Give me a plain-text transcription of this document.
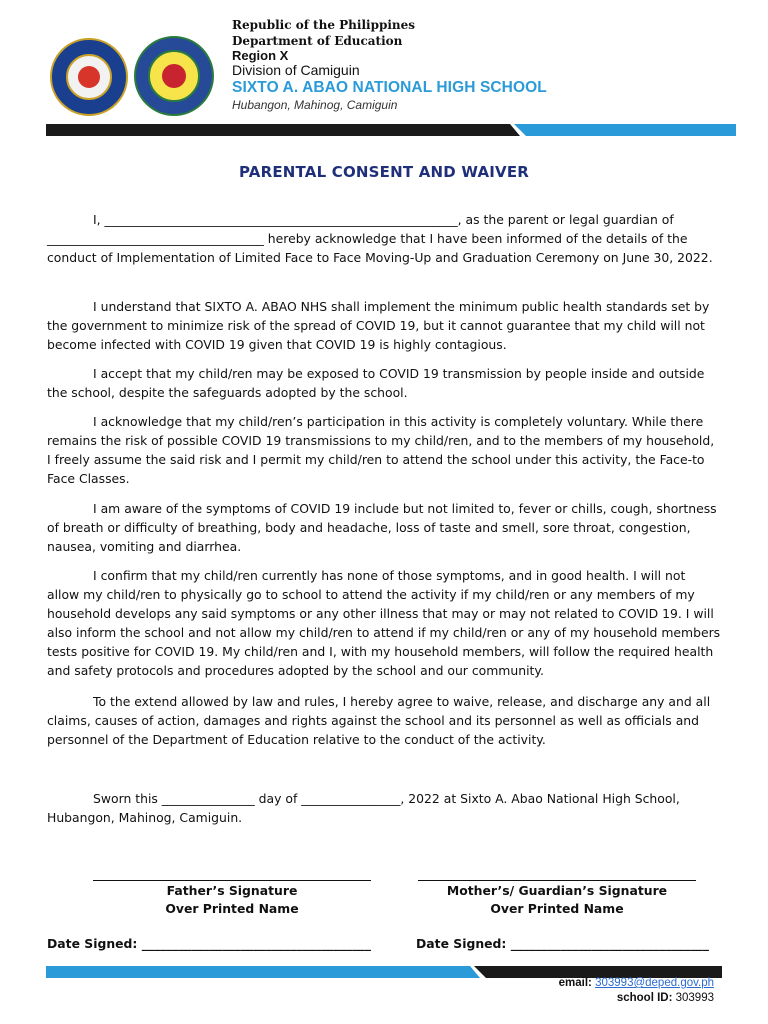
Republic of the Philippines
Department of Education
Region X
Division of Camiguin
SIXTO A. ABAO NATIONAL HIGH SCHOOL
Hubangon, Mahinog, Camiguin
PARENTAL CONSENT AND WAIVER

I, _________________________________________________________, as the parent or legal guardian of ___________________________________ hereby acknowledge that I have been informed of the details of the conduct of Implementation of Limited Face to Face Moving-Up and Graduation Ceremony on June 30, 2022.

I understand that SIXTO A. ABAO NHS shall implement the minimum public health standards set by the government to minimize risk of the spread of COVID 19, but it cannot guarantee that my child will not become infected with COVID 19 given that COVID 19 is highly contagious.

I accept that my child/ren may be exposed to COVID 19 transmission by people inside and outside the school, despite the safeguards adopted by the school.

I acknowledge that my child/ren’s participation in this activity is completely voluntary. While there remains the risk of possible COVID 19 transmissions to my child/ren, and to the members of my household, I freely assume the said risk and I permit my child/ren to attend the school under this activity, the Face-to Face Classes.

I am aware of the symptoms of COVID 19 include but not limited to, fever or chills, cough, shortness of breath or difficulty of breathing, body and headache, loss of taste and smell, sore throat, congestion, nausea, vomiting and diarrhea.

I confirm that my child/ren currently has none of those symptoms, and in good health. I will not allow my child/ren to physically go to school to attend the activity if my child/ren or any members of my household develops any said symptoms or any other illness that may or may not related to COVID 19. I will also inform the school and not allow my child/ren to attend if my child/ren or any of my household members tests positive for COVID 19. My child/ren and I, with my household members, will follow the required health and safety protocols and procedures adopted by the school and our community.

To the extend allowed by law and rules, I hereby agree to waive, release, and discharge any and all claims, causes of action, damages and rights against the school and its personnel as well as officials and personnel of the Department of Education relative to the conduct of the activity.

Sworn this _______________ day of ________________, 2022 at Sixto A. Abao National High School, Hubangon, Mahinog, Camiguin.

Father’s Signature
Over Printed Name
Mother’s/ Guardian’s Signature
Over Printed Name
Date Signed: _____________________________________	Date Signed: ________________________________
email: 303993@deped.gov.ph
school ID: 303993
